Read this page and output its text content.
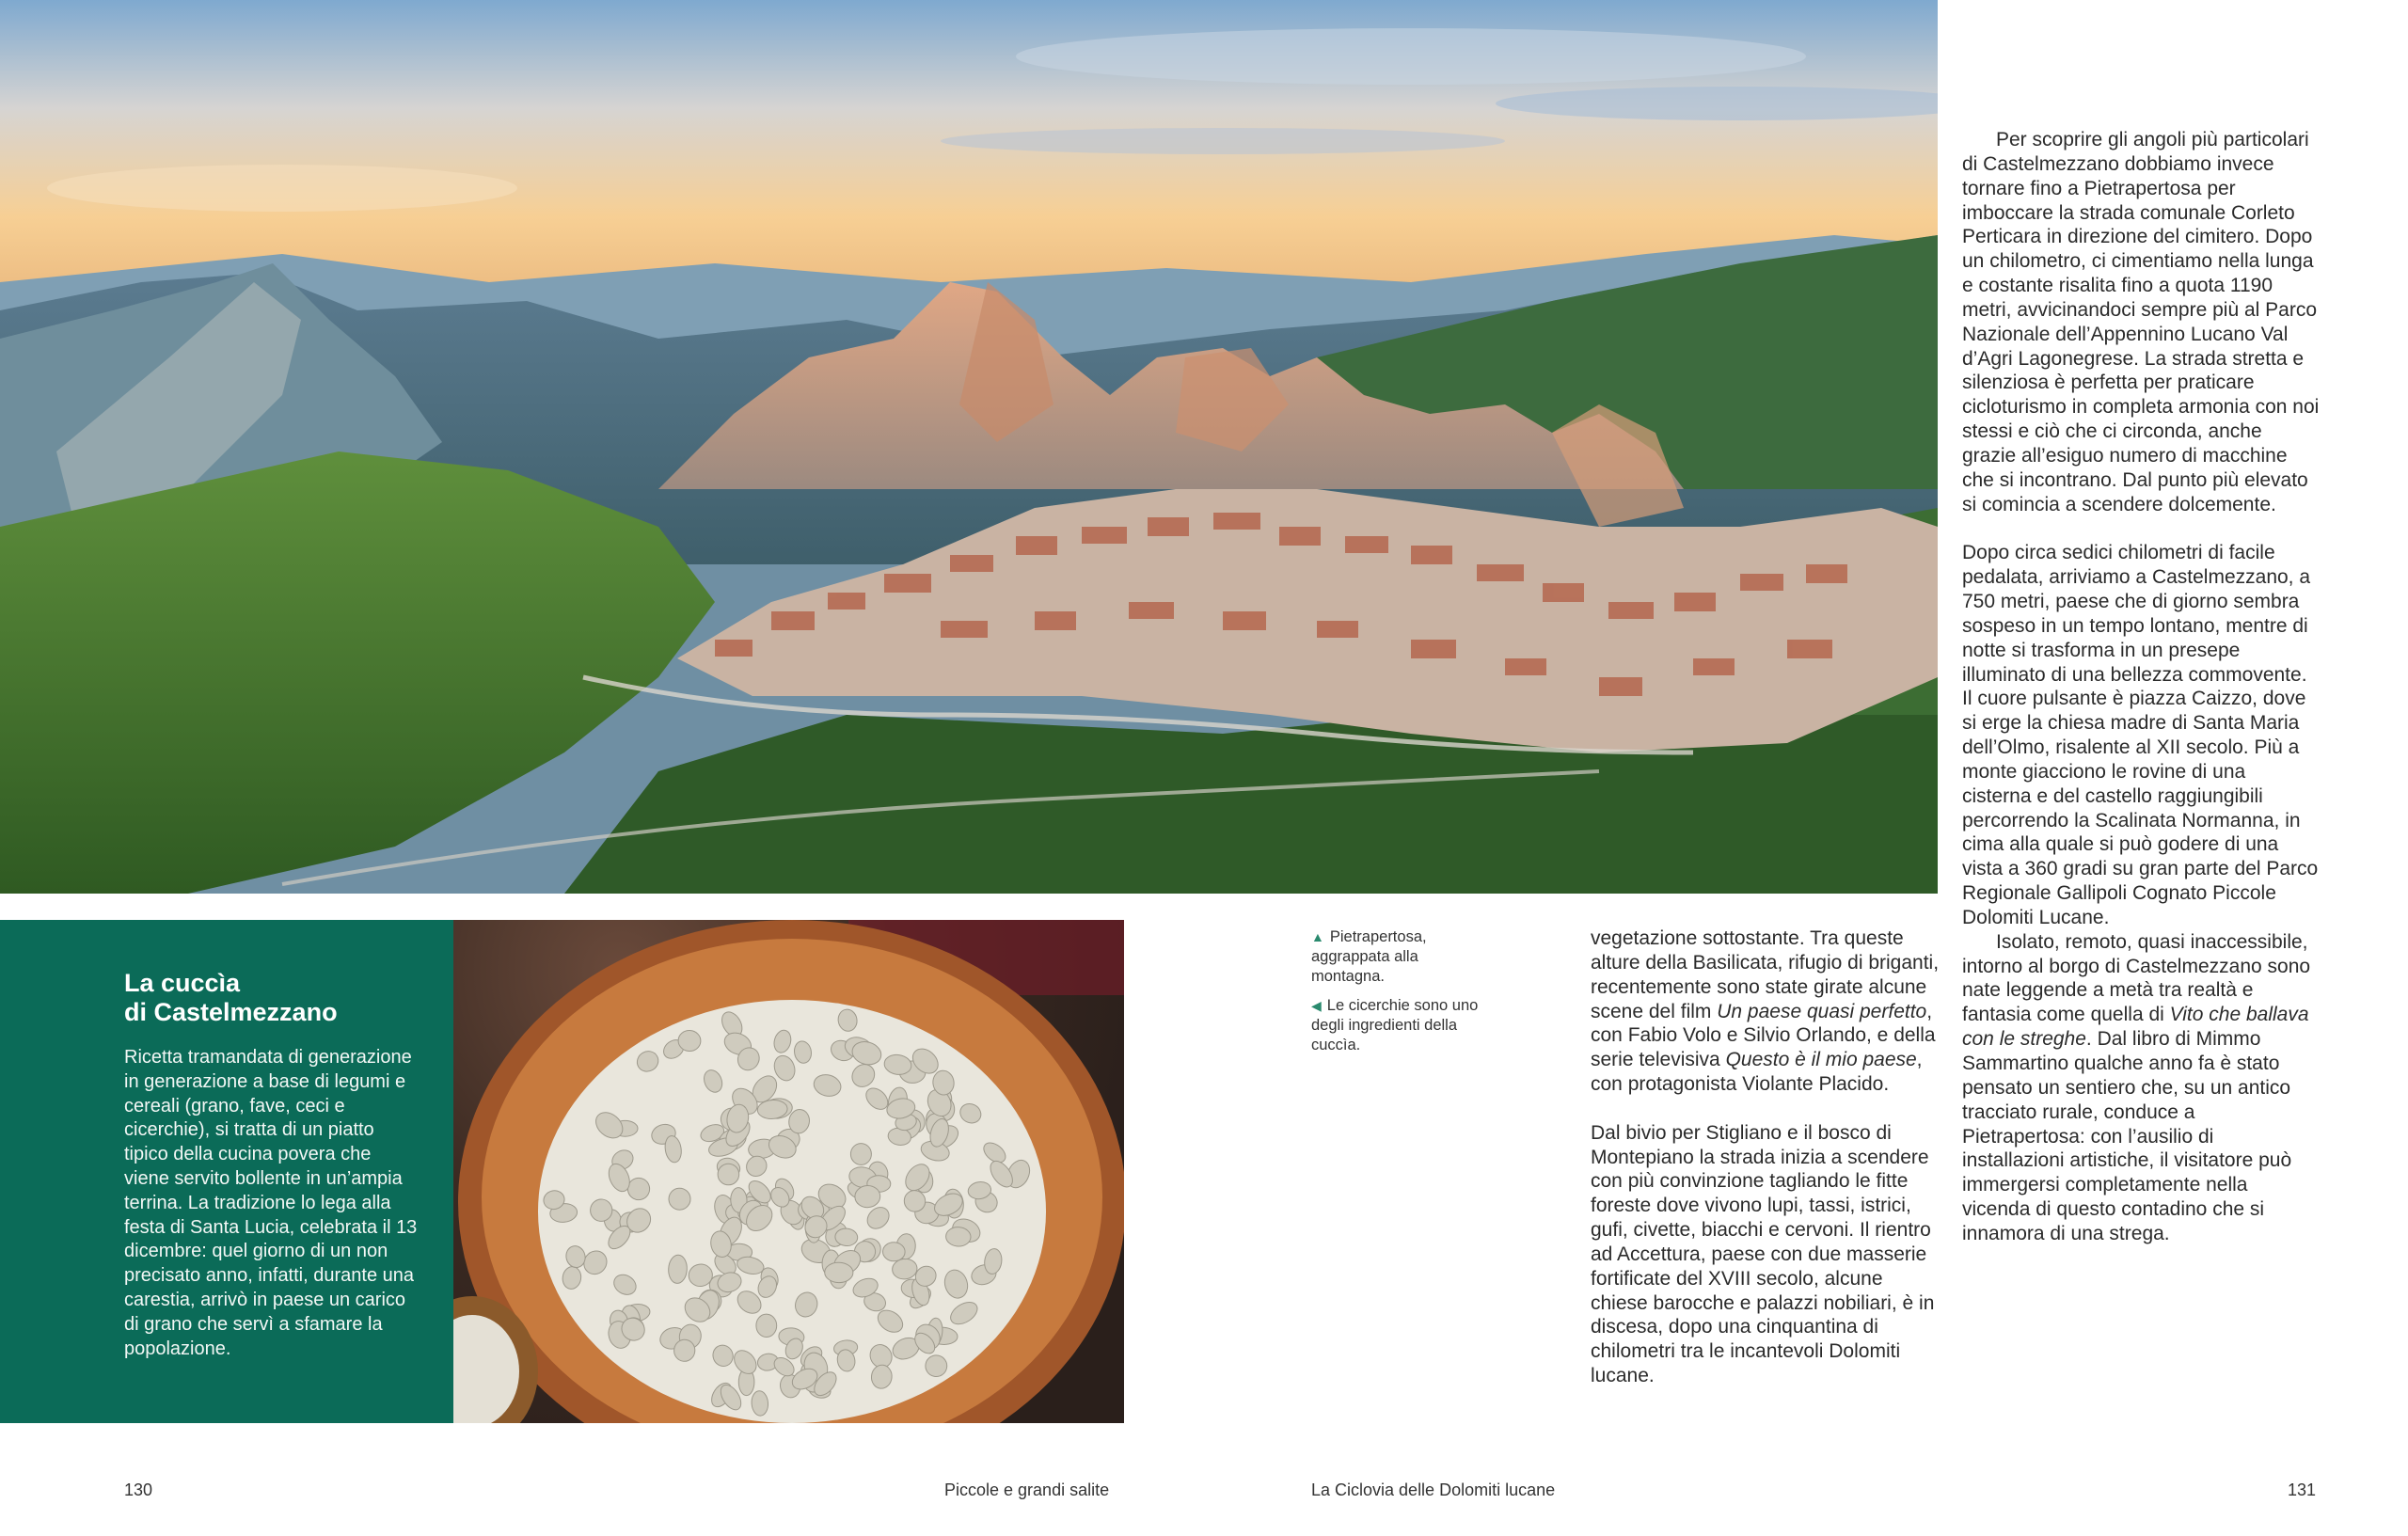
La cuccìa
di Castelmezzano
Ricetta tramandata di generazione in generazione a base di legumi e cereali (grano, fave, ceci e cicerchie), si tratta di un piatto tipico della cucina povera che viene servito bollente in un’ampia terrina. La tradizione lo lega alla festa di Santa Lucia, celebrata il 13 dicembre: quel giorno di un non precisato anno, infatti, durante una carestia, arrivò in paese un carico di grano che servì a sfamare la popolazione.
▲ Pietrapertosa, aggrappata alla montagna.
◀ Le cicerchie sono uno degli ingredienti della cuccìa.

vegetazione sottostante. Tra queste alture della Basilicata, rifugio di briganti, recentemente sono state girate alcune scene del film Un paese quasi perfetto, con Fabio Volo e Silvio Orlando, e della serie televisiva Questo è il mio paese, con protagonista Violante Placido.

Dal bivio per Stigliano e il bosco di Montepiano la strada inizia a scendere con più convinzione tagliando le fitte foreste dove vivono lupi, tassi, istrici, gufi, civette, biacchi e cervoni. Il rientro ad Accettura, paese con due masserie fortificate del XVIII secolo, alcune chiese barocche e palazzi nobiliari, è in discesa, dopo una cinquantina di chilometri tra le incantevoli Dolomiti lucane.

Per scoprire gli angoli più particolari di Castelmezzano dobbiamo invece tornare fino a Pietrapertosa per imboccare la strada comunale Corleto Perticara in direzione del cimitero. Dopo un chilometro, ci cimentiamo nella lunga e costante risalita fino a quota 1190 metri, avvicinandoci sempre più al Parco Nazionale dell’Appennino Lucano Val d’Agri Lagonegrese. La strada stretta e silenziosa è perfetta per praticare cicloturismo in completa armonia con noi stessi e ciò che ci circonda, anche grazie all’esiguo numero di macchine che si incontrano. Dal punto più elevato si comincia a scendere dolcemente.

Dopo circa sedici chilometri di facile pedalata, arriviamo a Castelmezzano, a 750 metri, paese che di giorno sembra sospeso in un tempo lontano, mentre di notte si trasforma in un presepe illuminato di una bellezza commovente. Il cuore pulsante è piazza Caizzo, dove si erge la chiesa madre di Santa Maria dell’Olmo, risalente al XII secolo. Più a monte giacciono le rovine di una cisterna e del castello raggiungibili percorrendo la Scalinata Normanna, in cima alla quale si può godere di una vista a 360 gradi su gran parte del Parco Regionale Gallipoli Cognato Piccole Dolomiti Lucane.

Isolato, remoto, quasi inaccessibile, intorno al borgo di Castelmezzano sono nate leggende a metà tra realtà e fantasia come quella di Vito che ballava con le streghe. Dal libro di Mimmo Sammartino qualche anno fa è stato pensato un sentiero che, su un antico tracciato rurale, conduce a Pietrapertosa: con l’ausilio di installazioni artistiche, il visitatore può immergersi completamente nella vicenda di questo contadino che si innamora di una strega.

130	Piccole e grandi salite	La Ciclovia delle Dolomiti lucane	131
